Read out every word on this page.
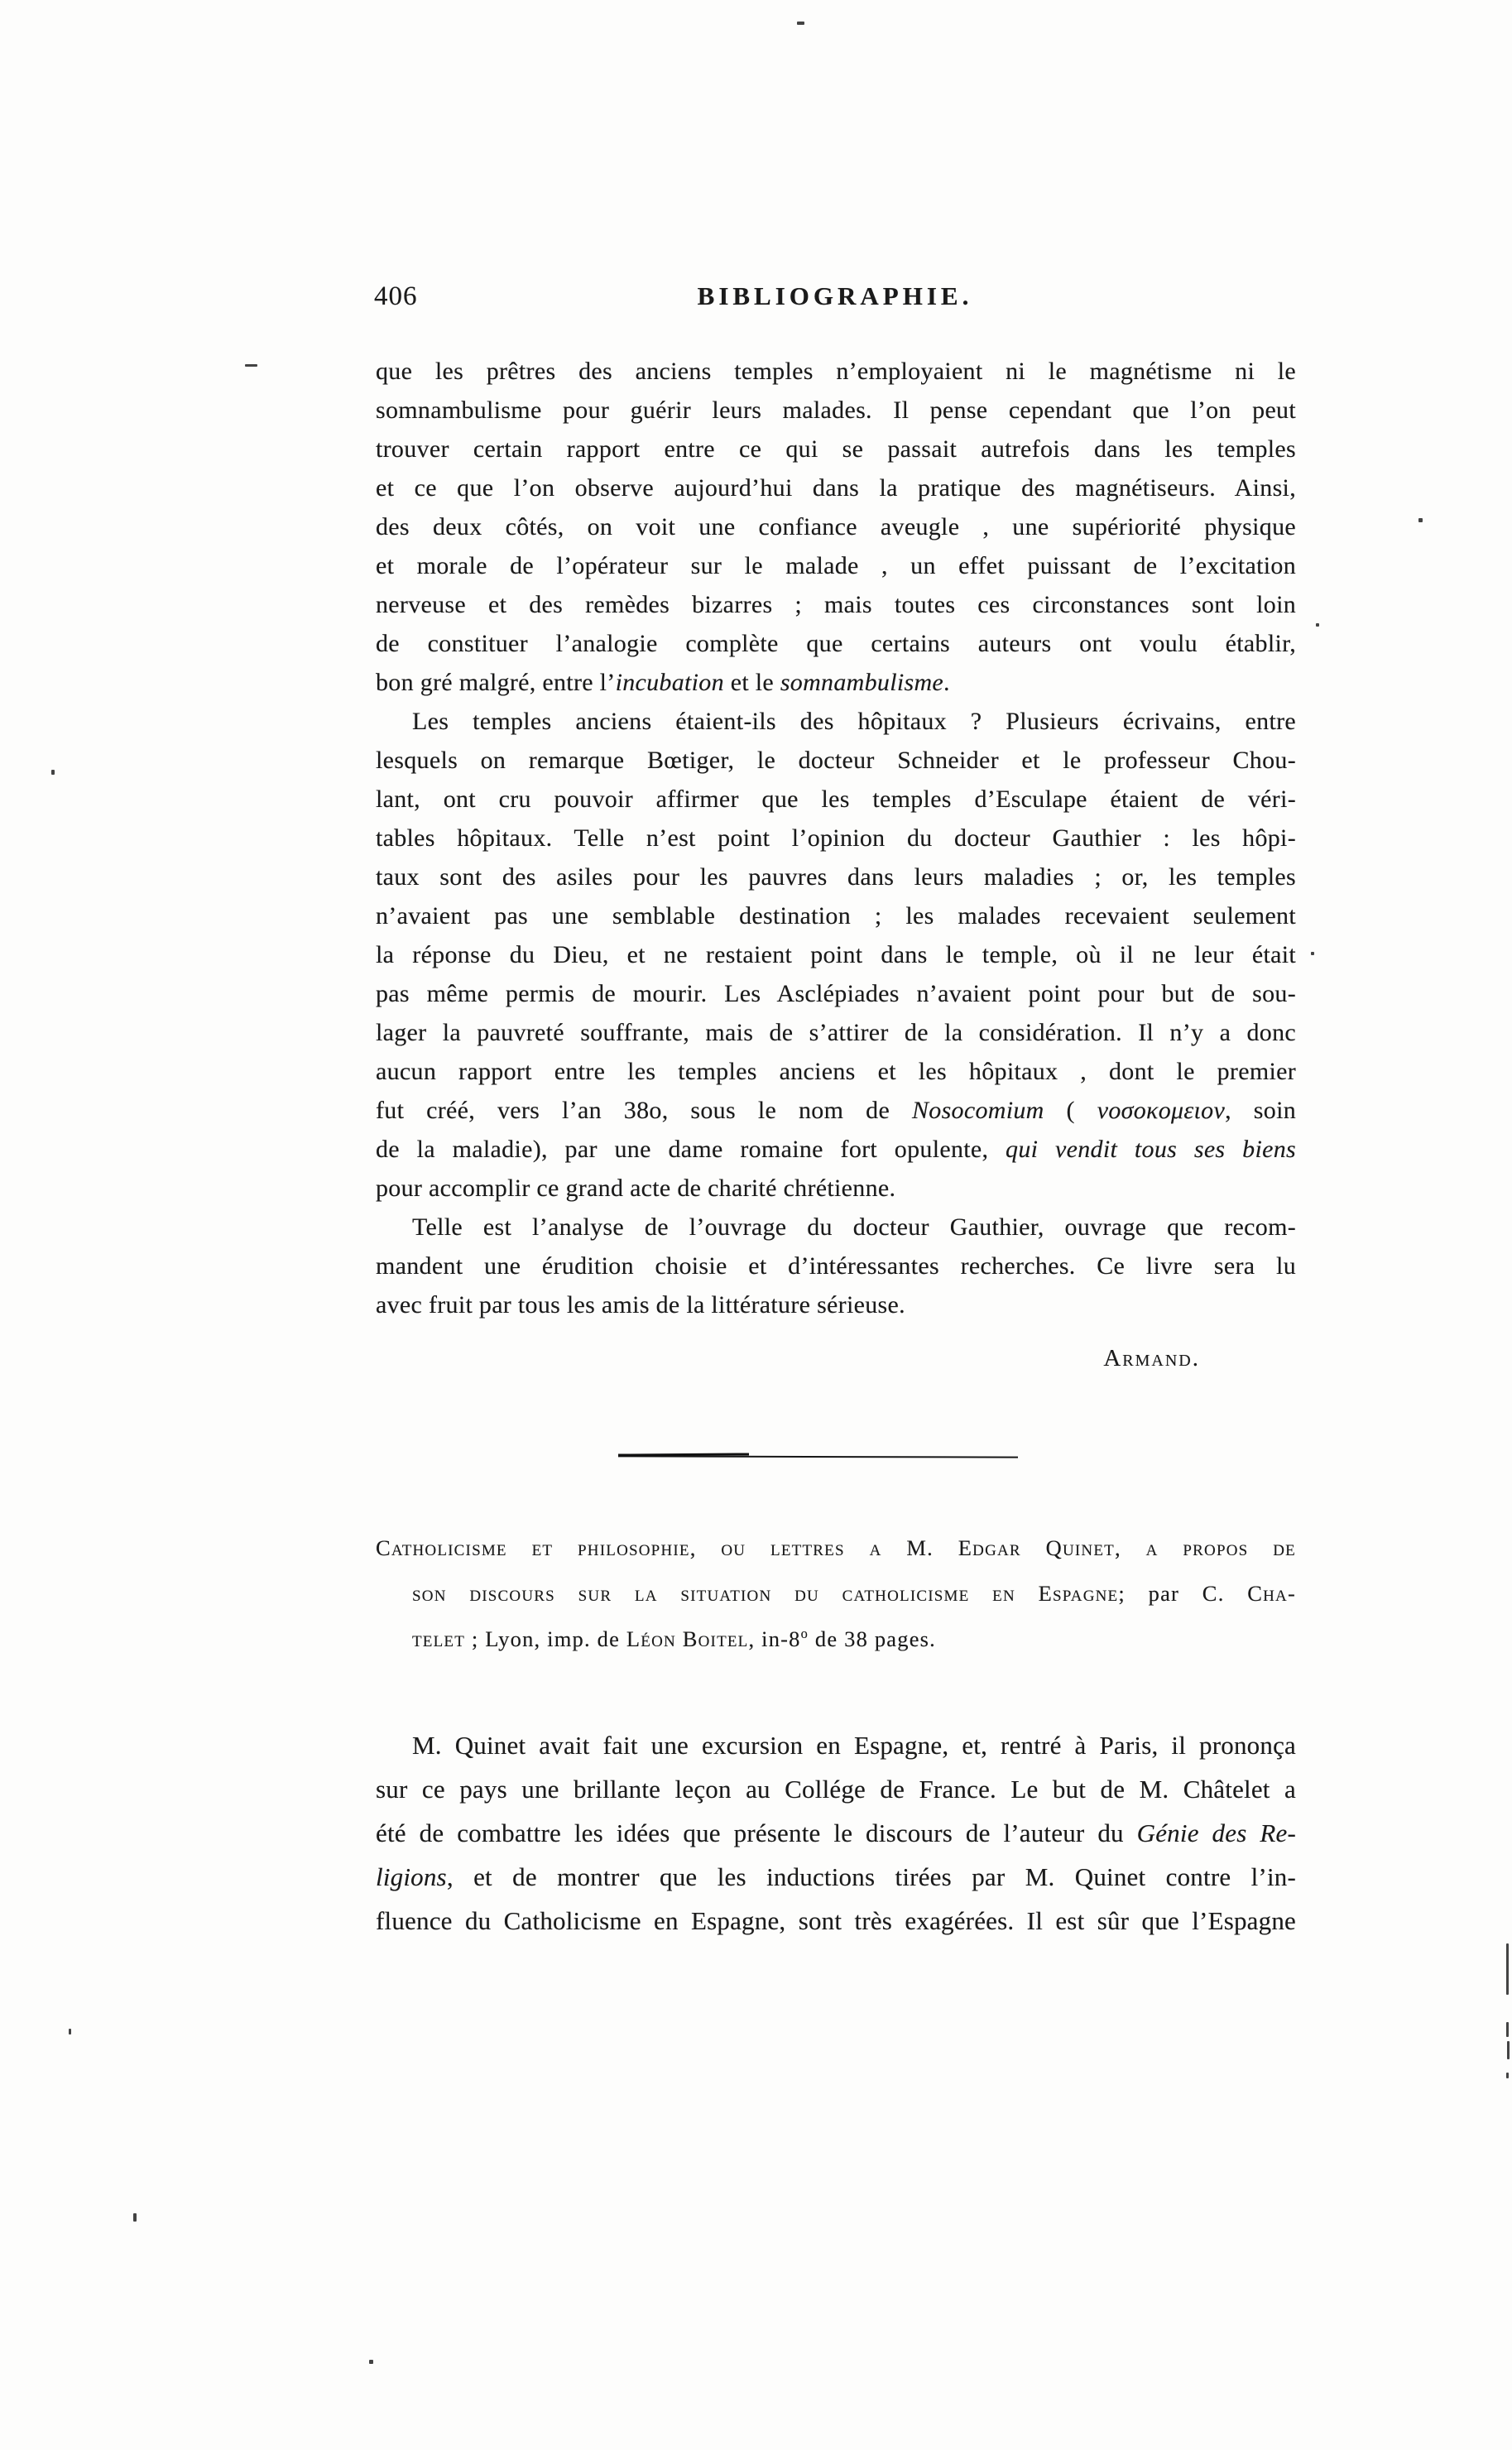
406	BIBLIOGRAPHIE.
que les prêtres des anciens temples n’employaient ni le magnétisme ni le
somnambulisme pour guérir leurs malades. Il pense cependant que l’on peut
trouver certain rapport entre ce qui se passait autrefois dans les temples
et ce que l’on observe aujourd’hui dans la pratique des magnétiseurs. Ainsi,
des deux côtés, on voit une confiance aveugle , une supériorité physique
et morale de l’opérateur sur le malade , un effet puissant de l’excitation
nerveuse et des remèdes bizarres ; mais toutes ces circonstances sont loin
de constituer l’analogie complète que certains auteurs ont voulu établir,
bon gré malgré, entre l’incubation et le somnambulisme.
Les temples anciens étaient-ils des hôpitaux ? Plusieurs écrivains, entre
lesquels on remarque Bœtiger, le docteur Schneider et le professeur Chou-
lant, ont cru pouvoir affirmer que les temples d’Esculape étaient de véri-
tables hôpitaux. Telle n’est point l’opinion du docteur Gauthier : les hôpi-
taux sont des asiles pour les pauvres dans leurs maladies ; or, les temples
n’avaient pas une semblable destination ; les malades recevaient seulement
la réponse du Dieu, et ne restaient point dans le temple, où il ne leur était
pas même permis de mourir. Les Asclépiades n’avaient point pour but de sou-
lager la pauvreté souffrante, mais de s’attirer de la considération. Il n’y a donc
aucun rapport entre les temples anciens et les hôpitaux , dont le premier
fut créé, vers l’an 38o, sous le nom de Nosocomium ( νοσοκομειον, soin
de la maladie), par une dame romaine fort opulente, qui vendit tous ses biens
pour accomplir ce grand acte de charité chrétienne.
Telle est l’analyse de l’ouvrage du docteur Gauthier, ouvrage que recom-
mandent une érudition choisie et d’intéressantes recherches. Ce livre sera lu
avec fruit par tous les amis de la littérature sérieuse.
Armand.
Catholicisme et philosophie, ou lettres a M. Edgar Quinet, a propos de
son discours sur la situation du catholicisme en Espagne; par C. Cha-
telet ; Lyon, imp. de Léon Boitel, in-8$^o$ de 38 pages.
M. Quinet avait fait une excursion en Espagne, et, rentré à Paris, il prononça
sur ce pays une brillante leçon au Collége de France. Le but de M. Châtelet a
été de combattre les idées que présente le discours de l’auteur du Génie des Re-
ligions, et de montrer que les inductions tirées par M. Quinet contre l’in-
fluence du Catholicisme en Espagne, sont très exagérées. Il est sûr que l’Espagne
